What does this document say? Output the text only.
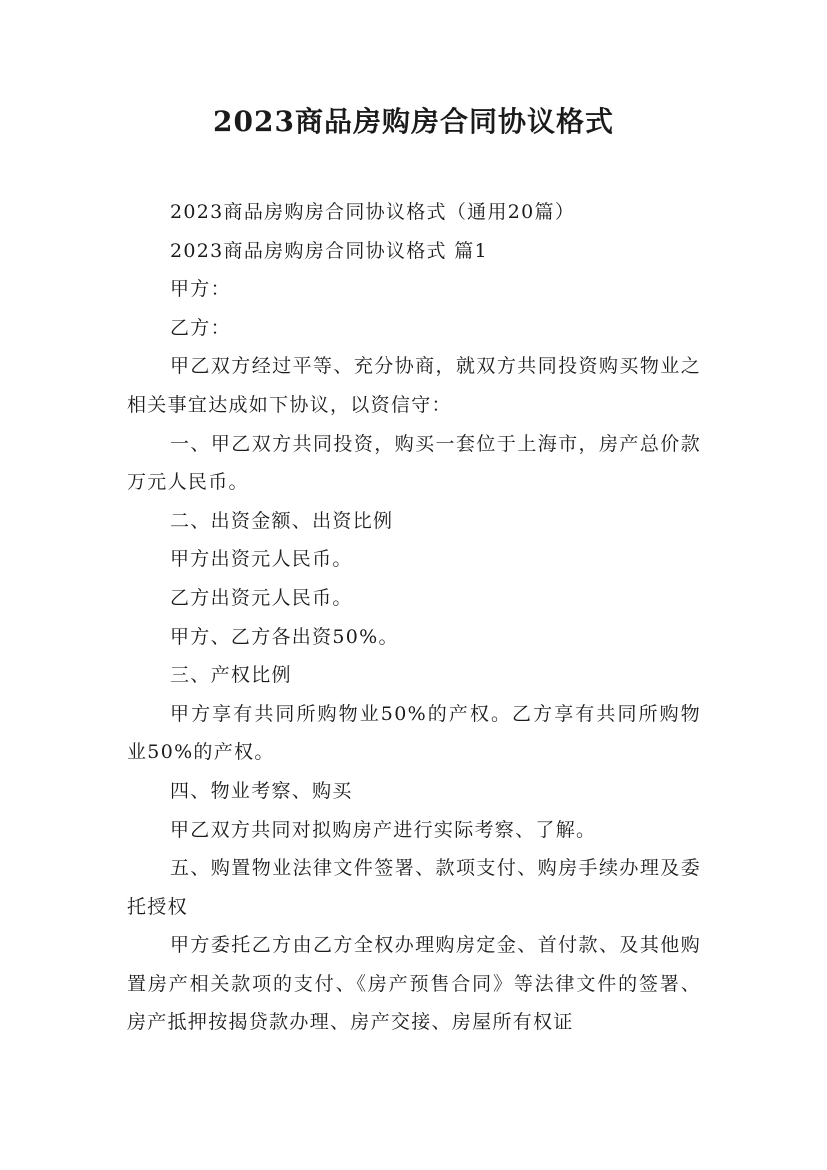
2023商品房购房合同协议格式

2023商品房购房合同协议格式（通用20篇）

2023商品房购房合同协议格式 篇1

甲方：

乙方：

甲乙双方经过平等、充分协商，就双方共同投资购买物业之相关事宜达成如下协议，以资信守：

一、甲乙双方共同投资，购买一套位于上海市，房产总价款万元人民币。

二、出资金额、出资比例

甲方出资元人民币。

乙方出资元人民币。

甲方、乙方各出资50%。

三、产权比例

甲方享有共同所购物业50%的产权。乙方享有共同所购物业50%的产权。

四、物业考察、购买

甲乙双方共同对拟购房产进行实际考察、了解。

五、购置物业法律文件签署、款项支付、购房手续办理及委托授权

甲方委托乙方由乙方全权办理购房定金、首付款、及其他购置房产相关款项的支付、《房产预售合同》等法律文件的签署、房产抵押按揭贷款办理、房产交接、房屋所有权证
